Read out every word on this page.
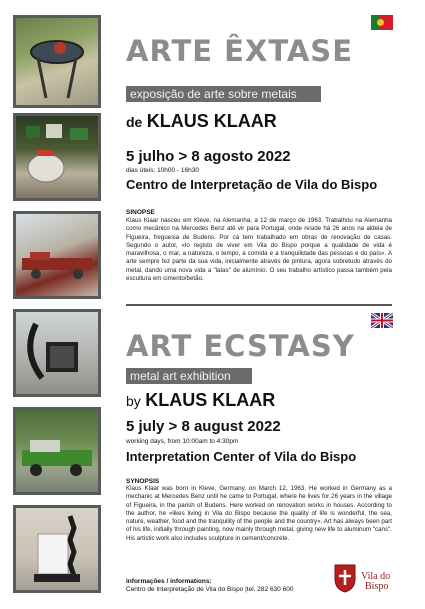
ARTE ÊXTASE
exposição de arte sobre metais
de KLAUS KLAAR
5 julho > 8 agosto 2022
dias úteis: 10h00 - 16h30
Centro de Interpretação de Vila do Bispo
SINOPSE
Klaus Klaar nasceu em Kleve, na Alemanha, a 12 de março de 1963. Trabalhou na Alemanha como mecânico na Mercedes Benz até vir para Portugal, onde reside há 26 anos na aldeia de Figueira, freguesia de Budens. Por cá tem trabalhado em obras de renovação de casas. Segundo o autor, «lo registo de viver em Vila do Bispo porque a qualidade de vida é maravilhosa, o mar, a natureza, o tempo, a comida e a tranquilidade das pessoas e do país». A arte sempre fez parte da sua vida, inicialmente através de pintura, agora sobretudo através do metal, dando uma nova vida a "latas" de alumínio. O seu trabalho artístico passa também pela escultura em cimento/betão.
ART ECSTASY
metal art exhibition
by KLAUS KLAAR
5 july > 8 august 2022
working days, from 10:00am to 4:30pm
Interpretation Center of Vila do Bispo
SYNOPSIS
Klaus Klaar was born in Kleve, Germany, on March 12, 1963. He worked in Germany as a mechanic at Mercedes Benz until he came to Portugal, where he lives for 26 years in the village of Figueira, in the parish of Budens. Here worked on renovation works in houses. According to the author, he «likes living in Vila do Bispo because the quality of life is wonderful, the sea, nature, weather, food and the tranquility of the people and the country». Art has always been part of his life, initially through painting, now mainly through metal, giving new life to aluminum "cans". His artistic work also includes sculpture in cement/concrete.
informações / informations:
Centro de Interpretação de Vila do Bispo |tel. 282 630 600
Vila do
Bispo
